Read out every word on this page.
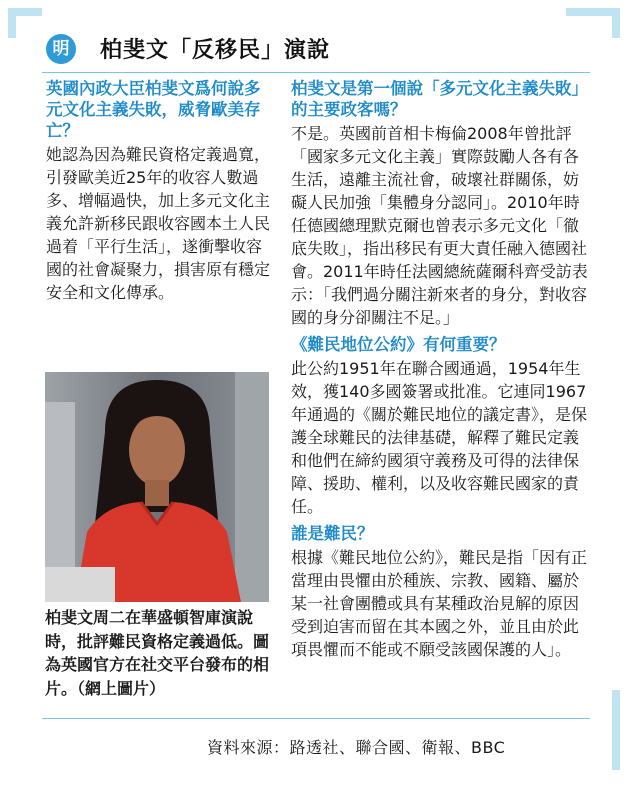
明 柏斐文「反移民」演說

英國內政大臣柏斐文爲何說多元文化主義失敗，威脅歐美存亡？

她認為因為難民資格定義過寬，引發歐美近25年的收容人數過多、增幅過快，加上多元文化主義允許新移民跟收容國本土人民過着「平行生活」，遂衝擊收容國的社會凝聚力，損害原有穩定安全和文化傳承。

柏斐文周二在華盛頓智庫演說時，批評難民資格定義過低。圖為英國官方在社交平台發布的相片。（網上圖片）

柏斐文是第一個說「多元文化主義失敗」的主要政客嗎？

不是。英國前首相卡梅倫2008年曾批評「國家多元文化主義」實際鼓勵人各有各生活，遠離主流社會，破壞社群關係，妨礙人民加強「集體身分認同」。2010年時任德國總理默克爾也曾表示多元文化「徹底失敗」，指出移民有更大責任融入德國社會。2011年時任法國總統薩爾科齊受訪表示：「我們過分關注新來者的身分，對收容國的身分卻關注不足。」

《難民地位公約》有何重要？

此公約1951年在聯合國通過，1954年生效，獲140多國簽署或批准。它連同1967年通過的《關於難民地位的議定書》，是保護全球難民的法律基礎，解釋了難民定義和他們在締約國須守義務及可得的法律保障、援助、權利，以及收容難民國家的責任。

誰是難民？

根據《難民地位公約》，難民是指「因有正當理由畏懼由於種族、宗教、國籍、屬於某一社會團體或具有某種政治見解的原因受到迫害而留在其本國之外，並且由於此項畏懼而不能或不願受該國保護的人」。

資料來源：路透社、聯合國、衛報、BBC
